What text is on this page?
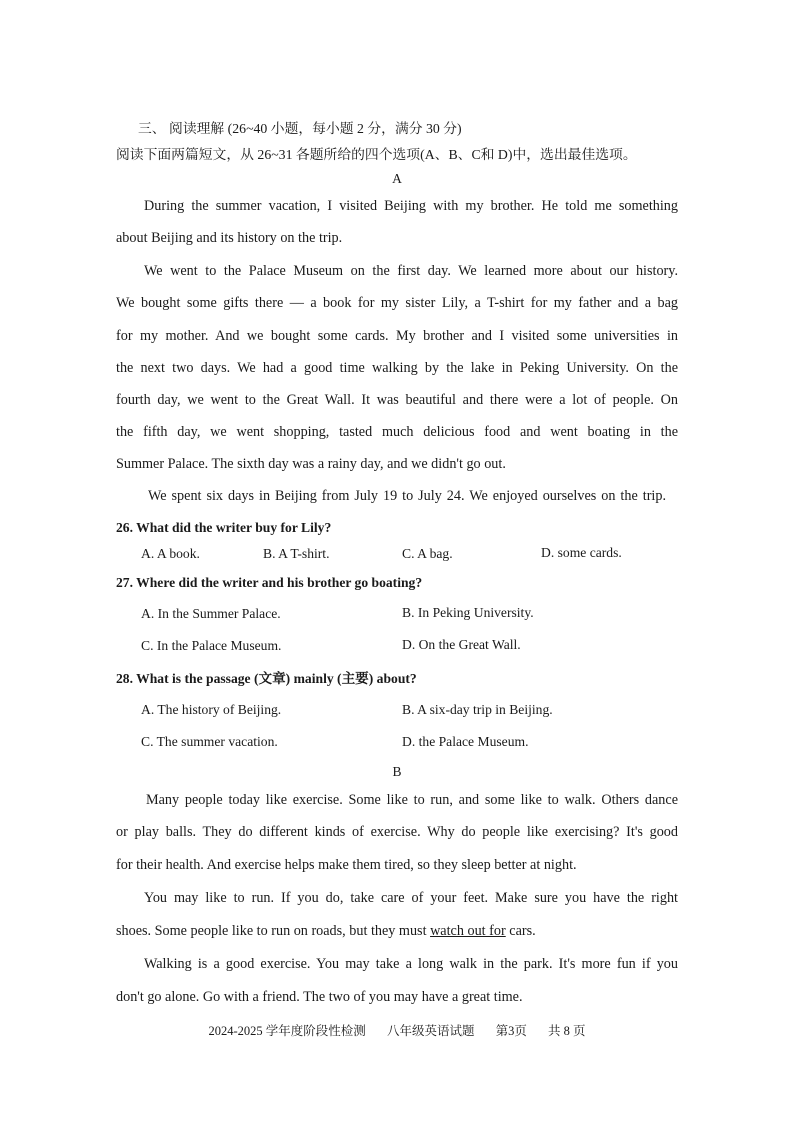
三、 阅读理解 (26~40 小题，每小题 2 分，满分 30 分)
阅读下面两篇短文，从 26~31 各题所给的四个选项(A、B、C和 D)中，选出最佳选项。
A
During the summer vacation, I visited Beijing with my brother. He told me something
about Beijing and its history on the trip.
We went to the Palace Museum on the first day. We learned more about our history.
We bought some gifts there — a book for my sister Lily, a T-shirt for my father and a bag
for my mother. And we bought some cards. My brother and I visited some universities in
the next two days. We had a good time walking by the lake in Peking University. On the
fourth day, we went to the Great Wall. It was beautiful and there were a lot of people. On
the fifth day, we went shopping, tasted much delicious food and went boating in the
Summer Palace. The sixth day was a rainy day, and we didn't go out.
We spent six days in Beijing from July 19 to July 24. We enjoyed ourselves on the trip.
26. What did the writer buy for Lily?
A. A book.	B. A T-shirt.	C. A bag.	D. some cards.
27. Where did the writer and his brother go boating?
A. In the Summer Palace.	B. In Peking University.
C. In the Palace Museum.	D. On the Great Wall.
28. What is the passage (文章) mainly (主要) about?
A. The history of Beijing.	B. A six-day trip in Beijing.
C. The summer vacation.	D. the Palace Museum.
B
Many people today like exercise. Some like to run, and some like to walk. Others dance
or play balls. They do different kinds of exercise. Why do people like exercising? It's good
for their health. And exercise helps make them tired, so they sleep better at night.
You may like to run. If you do, take care of your feet. Make sure you have the right
shoes. Some people like to run on roads, but they must watch out for cars.
Walking is a good exercise. You may take a long walk in the park. It's more fun if you
don't go alone. Go with a friend. The two of you may have a great time.
2024-2025 学年度阶段性检测 八年级英语试题 第3页 共 8 页
